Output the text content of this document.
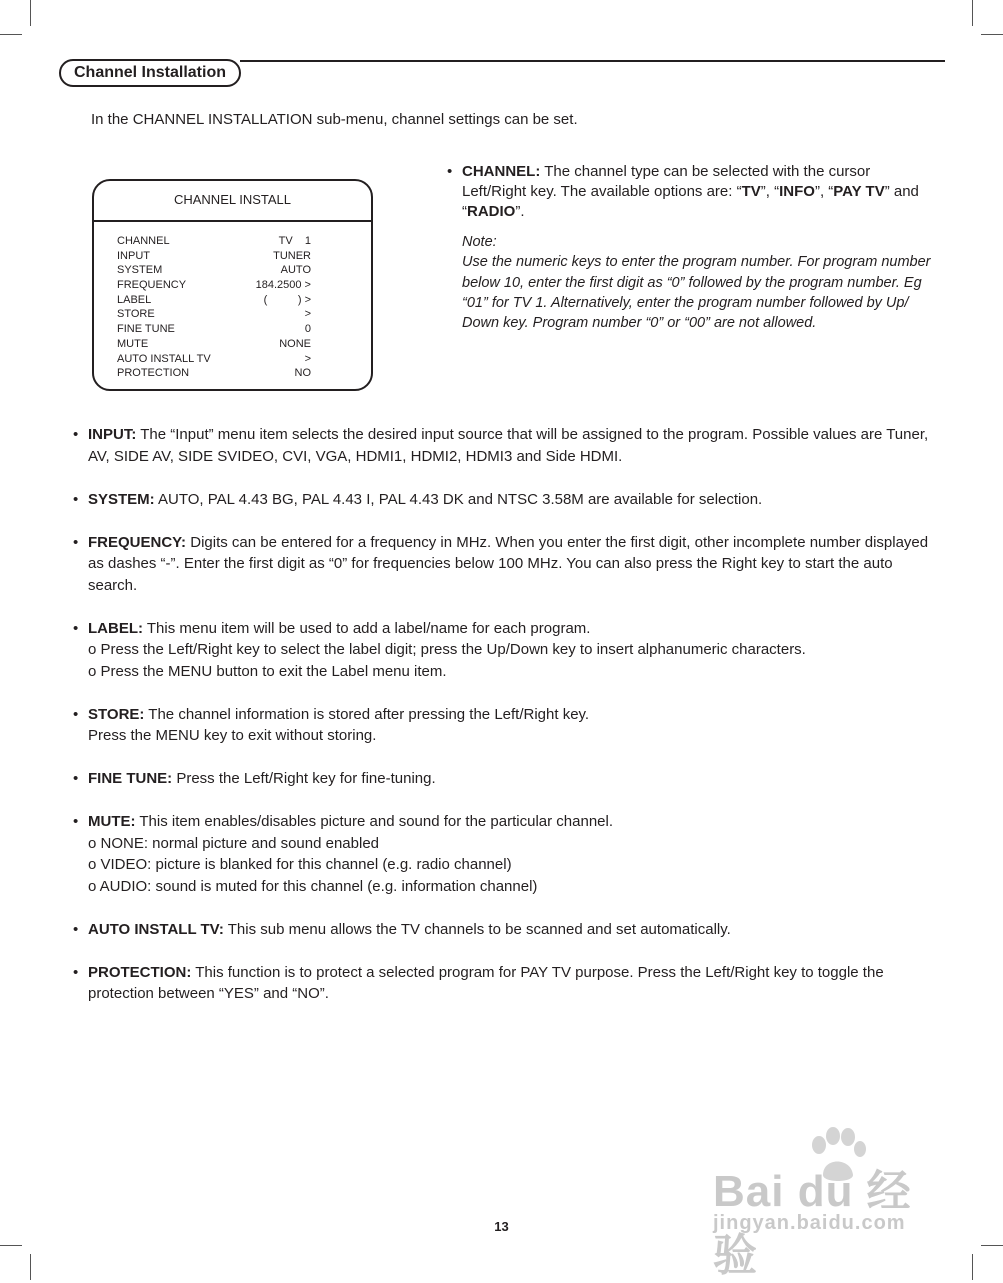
Channel Installation
In the CHANNEL INSTALLATION sub-menu, channel settings can be set.
CHANNEL INSTALL
CHANNEL	TV    1
INPUT	TUNER
SYSTEM	AUTO
FREQUENCY	184.2500 >
LABEL	(          ) >
STORE	>
FINE TUNE	0
MUTE	NONE
AUTO INSTALL TV	>
PROTECTION	NO
• CHANNEL: The channel type can be selected with the cursor Left/Right key. The available options are: “TV”, “INFO”, “PAY TV” and “RADIO”.
Note:
Use the numeric keys to enter the program number. For program number below 10, enter the first digit as “0” followed by the program number. Eg “01” for TV 1. Alternatively, enter the program number followed by Up/ Down key. Program number “0” or “00” are not allowed.
• INPUT: The “Input” menu item selects the desired input source that will be assigned to the program. Possible values are Tuner, AV, SIDE AV, SIDE SVIDEO, CVI, VGA, HDMI1, HDMI2, HDMI3 and Side HDMI.
• SYSTEM: AUTO, PAL 4.43 BG, PAL 4.43 I, PAL 4.43 DK and NTSC 3.58M are available for selection.
• FREQUENCY: Digits can be entered for a frequency in MHz. When you enter the first digit, other incomplete number displayed as dashes “-”. Enter the first digit as “0” for frequencies below 100 MHz. You can also press the Right key to start the auto search.
• LABEL: This menu item will be used to add a label/name for each program.
o Press the Left/Right key to select the label digit; press the Up/Down key to insert alphanumeric characters.
o Press the MENU button to exit the Label menu item.
• STORE: The channel information is stored after pressing the Left/Right key.
Press the MENU key to exit without storing.
• FINE TUNE: Press the Left/Right key for fine-tuning.
• MUTE: This item enables/disables picture and sound for the particular channel.
o NONE: normal picture and sound enabled
o VIDEO: picture is blanked for this channel (e.g. radio channel)
o AUDIO: sound is muted for this channel (e.g. information channel)
• AUTO INSTALL TV: This sub menu allows the TV channels to be scanned and set automatically.
• PROTECTION: This function is to protect a selected program for PAY TV purpose. Press the Left/Right key to toggle the protection between “YES” and “NO”.
Bai du 经验
jingyan.baidu.com
13
